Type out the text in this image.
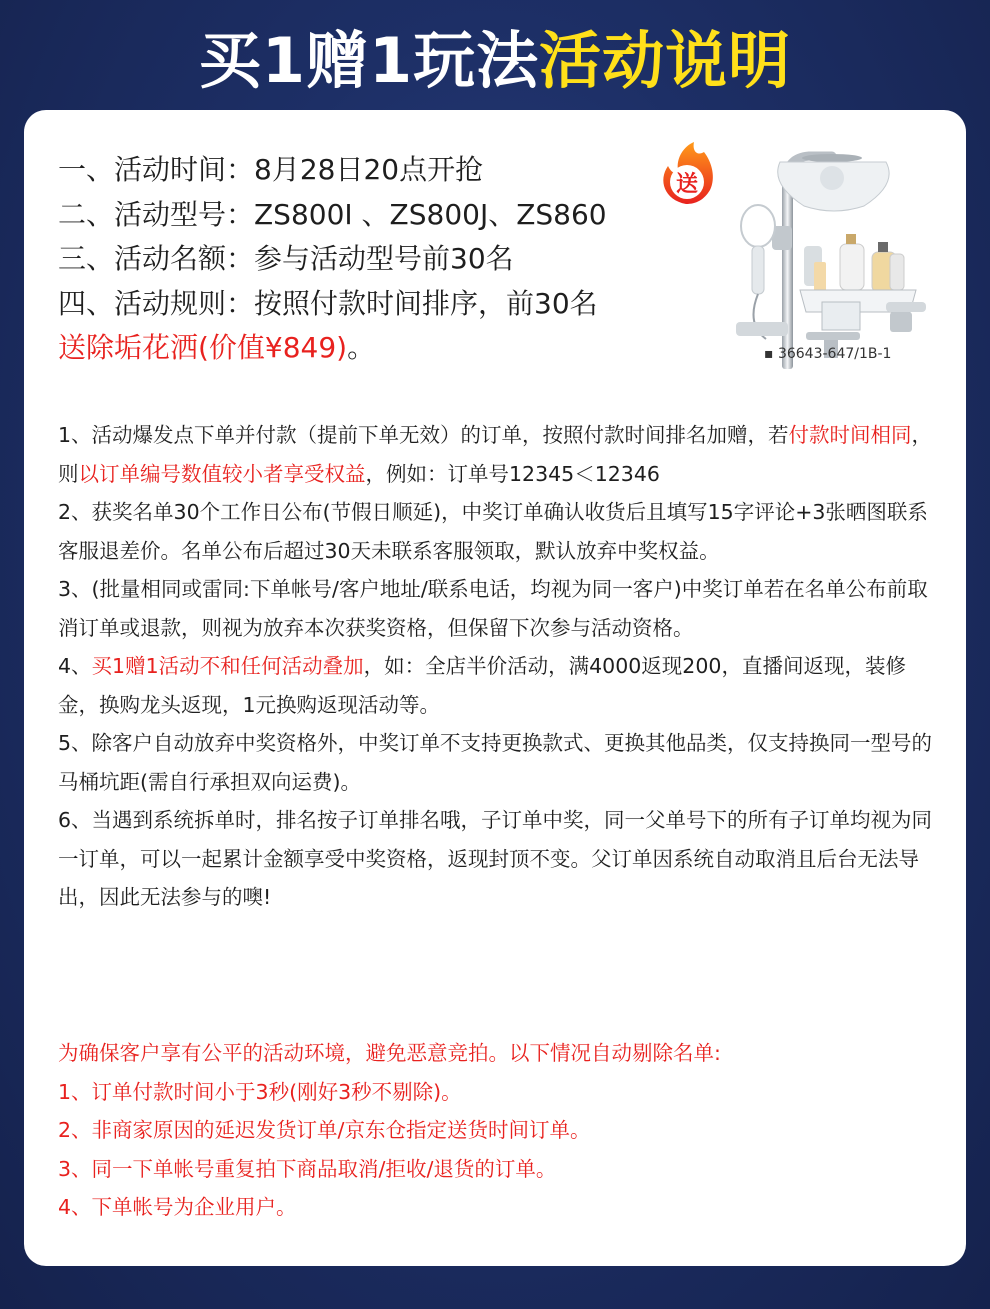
买1赠1玩法 活动说明
一、活动时间：8月28日20点开抢
二、活动型号：ZS800I 、ZS800J、ZS860
三、活动名额：参与活动型号前30名
四、活动规则：按照付款时间排序，前30名
送除垢花洒(价值¥849)。
送
▪ 36643-647/1B-1
1、活动爆发点下单并付款（提前下单无效）的订单，按照付款时间排名加赠，若付款时间相同，则以订单编号数值较小者享受权益，例如：订单号12345＜12346
2、获奖名单30个工作日公布(节假日顺延)，中奖订单确认收货后且填写15字评论+3张晒图联系客服退差价。名单公布后超过30天未联系客服领取，默认放弃中奖权益。
3、(批量相同或雷同:下单帐号/客户地址/联系电话，均视为同一客户)中奖订单若在名单公布前取消订单或退款，则视为放弃本次获奖资格，但保留下次参与活动资格。
4、买1赠1活动不和任何活动叠加，如：全店半价活动，满4000返现200，直播间返现，装修金，换购龙头返现，1元换购返现活动等。
5、除客户自动放弃中奖资格外，中奖订单不支持更换款式、更换其他品类，仅支持换同一型号的马桶坑距(需自行承担双向运费)。
6、当遇到系统拆单时，排名按子订单排名哦，子订单中奖，同一父单号下的所有子订单均视为同一订单，可以一起累计金额享受中奖资格，返现封顶不变。父订单因系统自动取消且后台无法导出，因此无法参与的噢!
为确保客户享有公平的活动环境，避免恶意竞拍。以下情况自动剔除名单:
1、订单付款时间小于3秒(刚好3秒不剔除)。
2、非商家原因的延迟发货订单/京东仓指定送货时间订单。
3、同一下单帐号重复拍下商品取消/拒收/退货的订单。
4、下单帐号为企业用户。
